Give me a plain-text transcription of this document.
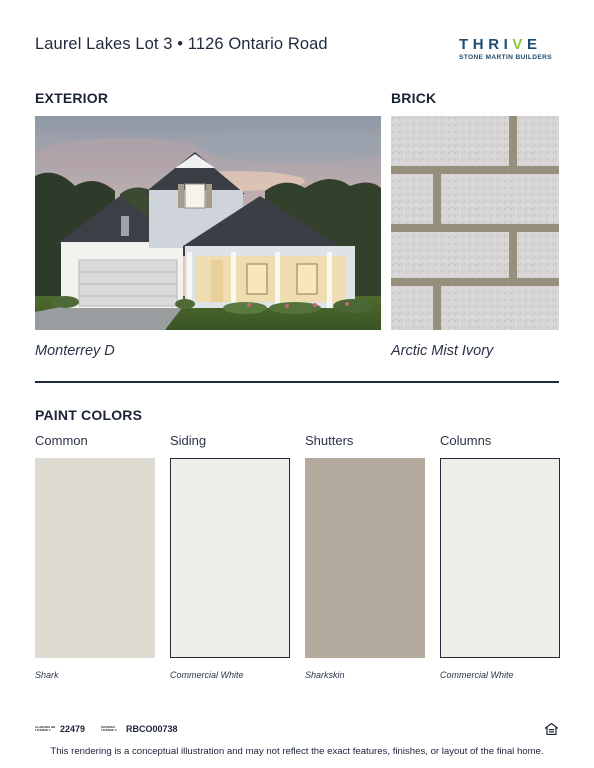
Laurel Lakes Lot 3 • 1126 Ontario Road	THRIVE
STONE MARTIN BUILDERS
EXTERIOR	BRICK
Monterrey D	Arctic Mist Ivory
PAINT COLORS
Common	Siding	Shutters	Columns
Shark	Commercial White	Sharkskin	Commercial White
ALABAMA HB LICENSE #	22479	GEORGIA LICENSE #	RBCO00738
This rendering is a conceptual illustration and may not reflect the exact features, finishes, or layout of the final home.
